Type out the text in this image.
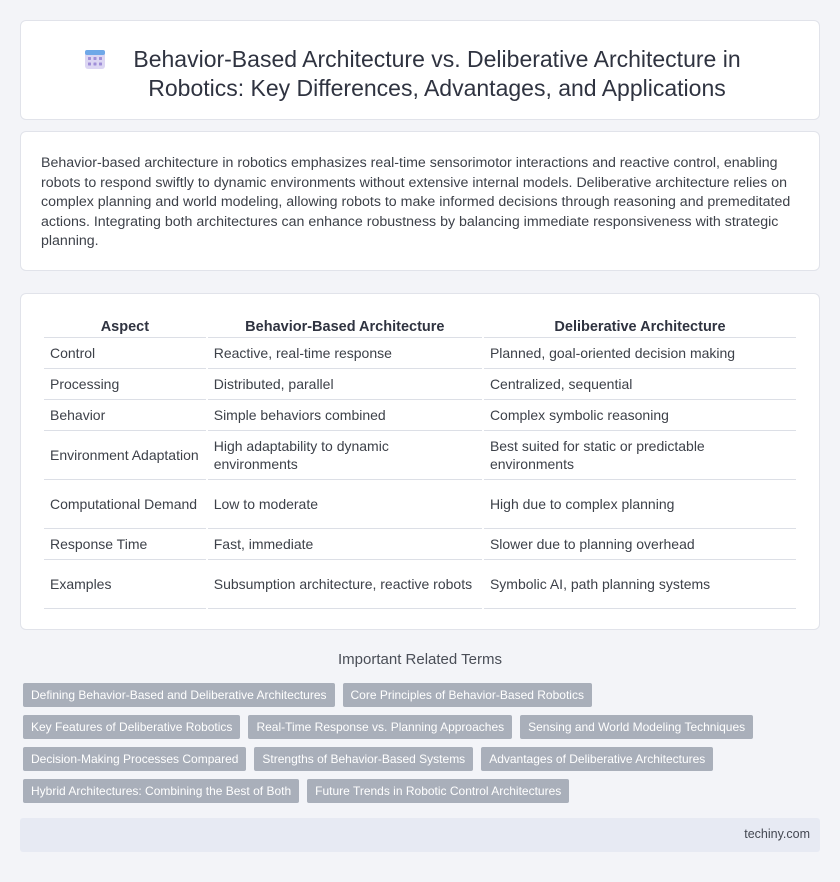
Behavior-Based Architecture vs. Deliberative Architecture in Robotics: Key Differences, Advantages, and Applications

Behavior-based architecture in robotics emphasizes real-time sensorimotor interactions and reactive control, enabling robots to respond swiftly to dynamic environments without extensive internal models. Deliberative architecture relies on complex planning and world modeling, allowing robots to make informed decisions through reasoning and premeditated actions. Integrating both architectures can enhance robustness by balancing immediate responsiveness with strategic planning.

Aspect	Behavior-Based Architecture	Deliberative Architecture
Control	Reactive, real-time response	Planned, goal-oriented decision making
Processing	Distributed, parallel	Centralized, sequential
Behavior	Simple behaviors combined	Complex symbolic reasoning
Environment Adaptation	High adaptability to dynamic environments	Best suited for static or predictable environments
Computational Demand	Low to moderate	High due to complex planning
Response Time	Fast, immediate	Slower due to planning overhead
Examples	Subsumption architecture, reactive robots	Symbolic AI, path planning systems
Important Related Terms
Defining Behavior-Based and Deliberative Architectures	Core Principles of Behavior-Based Robotics
Key Features of Deliberative Robotics	Real-Time Response vs. Planning Approaches	Sensing and World Modeling Techniques
Decision-Making Processes Compared	Strengths of Behavior-Based Systems	Advantages of Deliberative Architectures
Hybrid Architectures: Combining the Best of Both	Future Trends in Robotic Control Architectures
techiny.com
